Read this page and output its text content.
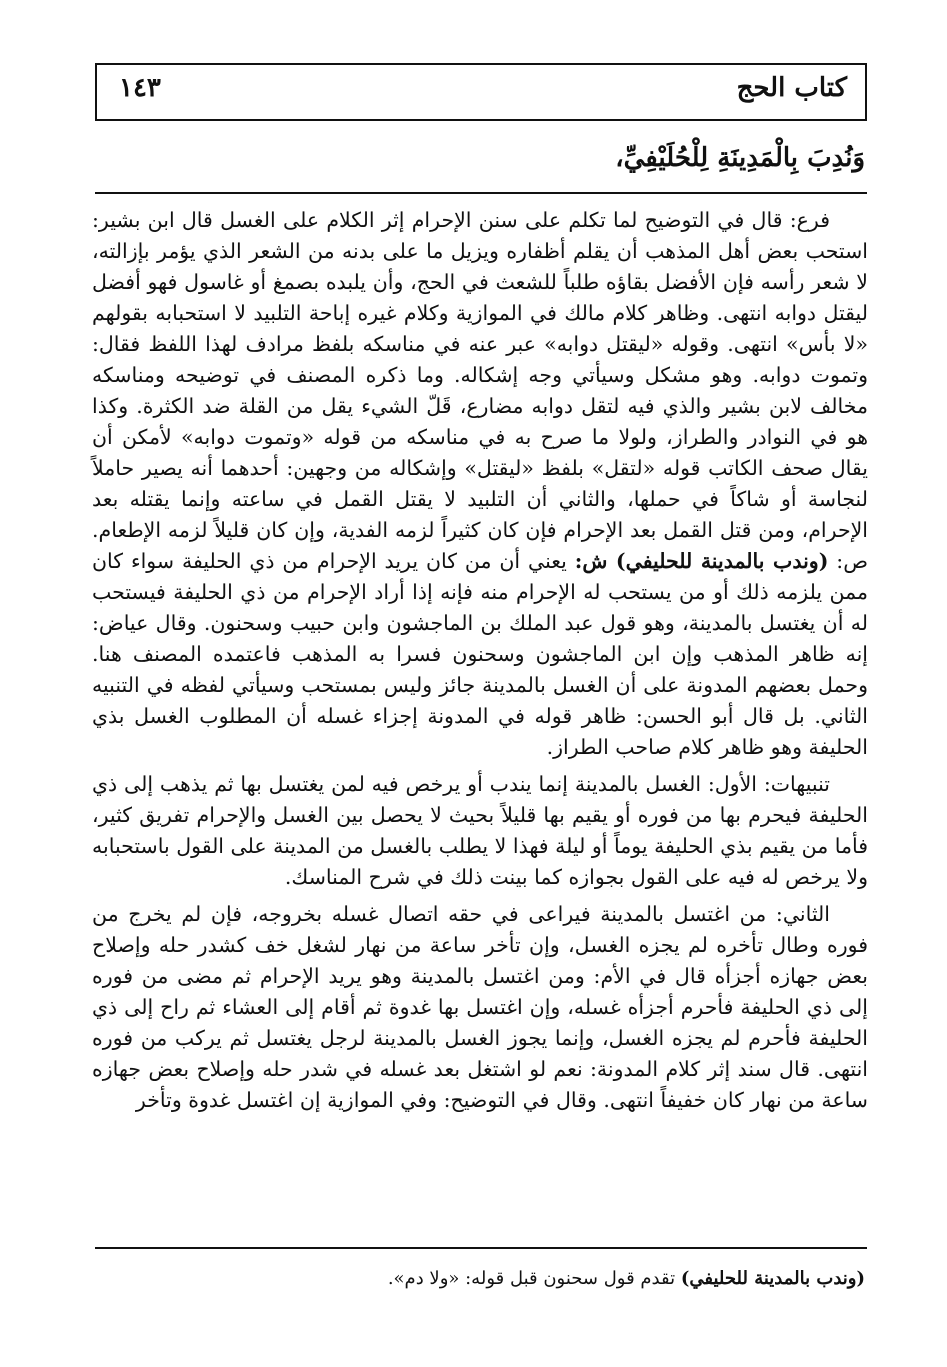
كتاب الحج
١٤٣
وَنُدِبَ بِالْمَدِينَةِ لِلْحُلَيْفِيِّ،

فرع: قال في التوضيح لما تكلم على سنن الإحرام إثر الكلام على الغسل قال ابن بشير: استحب بعض أهل المذهب أن يقلم أظفاره ويزيل ما على بدنه من الشعر الذي يؤمر بإزالته، لا شعر رأسه فإن الأفضل بقاؤه طلباً للشعث في الحج، وأن يلبده بصمغ أو غاسول فهو أفضل ليقتل دوابه انتهى. وظاهر كلام مالك في الموازية وكلام غيره إباحة التلبيد لا استحبابه بقولهم «لا بأس» انتهى. وقوله «ليقتل دوابه» عبر عنه في مناسكه بلفظ مرادف لهذا اللفظ فقال: وتموت دوابه. وهو مشكل وسيأتي وجه إشكاله. وما ذكره المصنف في توضيحه ومناسكه مخالف لابن بشير والذي فيه لتقل دوابه مضارع، قَلّ الشيء يقل من القلة ضد الكثرة. وكذا هو في النوادر والطراز، ولولا ما صرح به في مناسكه من قوله «وتموت دوابه» لأمكن أن يقال صحف الكاتب قوله «لتقل» بلفظ «ليقتل» وإشكاله من وجهين: أحدهما أنه يصير حاملاً لنجاسة أو شاكاً في حملها، والثاني أن التلبيد لا يقتل القمل في ساعته وإنما يقتله بعد الإحرام، ومن قتل القمل بعد الإحرام فإن كان كثيراً لزمه الفدية، وإن كان قليلاً لزمه الإطعام. ص: (وندب بالمدينة للحليفي) ش: يعني أن من كان يريد الإحرام من ذي الحليفة سواء كان ممن يلزمه ذلك أو من يستحب له الإحرام منه فإنه إذا أراد الإحرام من ذي الحليفة فيستحب له أن يغتسل بالمدينة، وهو قول عبد الملك بن الماجشون وابن حبيب وسحنون. وقال عياض: إنه ظاهر المذهب وإن ابن الماجشون وسحنون فسرا به المذهب فاعتمده المصنف هنا. وحمل بعضهم المدونة على أن الغسل بالمدينة جائز وليس بمستحب وسيأتي لفظه في التنبيه الثاني. بل قال أبو الحسن: ظاهر قوله في المدونة إجزاء غسله أن المطلوب الغسل بذي الحليفة وهو ظاهر كلام صاحب الطراز.

تنبيهات: الأول: الغسل بالمدينة إنما يندب أو يرخص فيه لمن يغتسل بها ثم يذهب إلى ذي الحليفة فيحرم بها من فوره أو يقيم بها قليلاً بحيث لا يحصل بين الغسل والإحرام تفريق كثير، فأما من يقيم بذي الحليفة يوماً أو ليلة فهذا لا يطلب بالغسل من المدينة على القول باستحبابه ولا يرخص له فيه على القول بجوازه كما بينت ذلك في شرح المناسك.

الثاني: من اغتسل بالمدينة فيراعى في حقه اتصال غسله بخروجه، فإن لم يخرج من فوره وطال تأخره لم يجزه الغسل، وإن تأخر ساعة من نهار لشغل خف كشدر حله وإصلاح بعض جهازه أجزأه قال في الأم: ومن اغتسل بالمدينة وهو يريد الإحرام ثم مضى من فوره إلى ذي الحليفة فأحرم أجزأه غسله، وإن اغتسل بها غدوة ثم أقام إلى العشاء ثم راح إلى ذي الحليفة فأحرم لم يجزه الغسل، وإنما يجوز الغسل بالمدينة لرجل يغتسل ثم يركب من فوره انتهى. قال سند إثر كلام المدونة: نعم لو اشتغل بعد غسله في شدر حله وإصلاح بعض جهازه ساعة من نهار كان خفيفاً انتهى. وقال في التوضيح: وفي الموازية إن اغتسل غدوة وتأخر

(وندب بالمدينة للحليفي) تقدم قول سحنون قبل قوله: «ولا دم».
